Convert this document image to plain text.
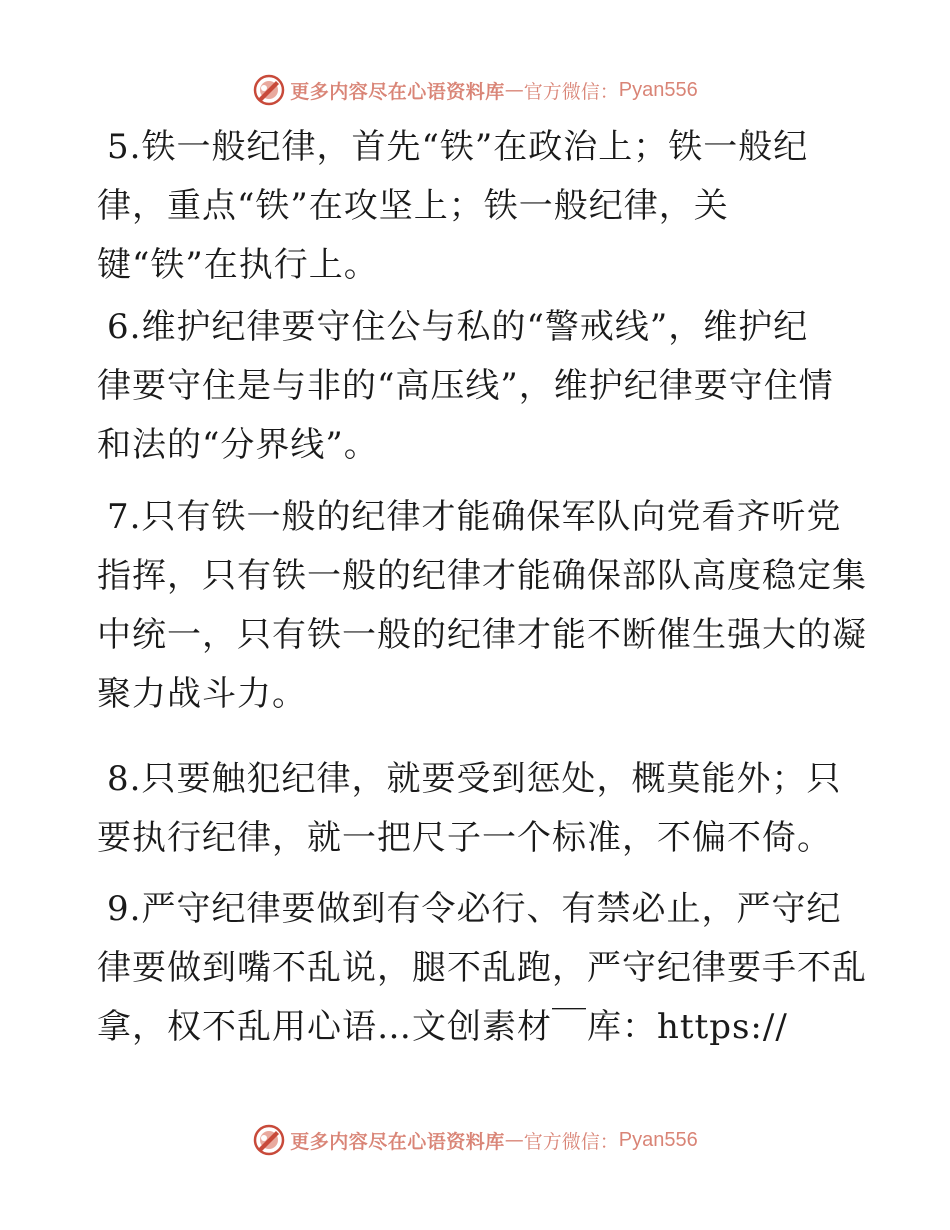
更多内容尽在心语资料库 — 官方微信： Pyan556

5.铁一般纪律，首先“铁”在政治上；铁一般纪
律，重点“铁”在攻坚上；铁一般纪律，关
键“铁”在执行上。

6.维护纪律要守住公与私的“警戒线”，维护纪
律要守住是与非的“高压线”，维护纪律要守住情
和法的“分界线”。

7.只有铁一般的纪律才能确保军队向党看齐听党
指挥，只有铁一般的纪律才能确保部队高度稳定集
中统一，只有铁一般的纪律才能不断催生强大的凝
聚力战斗力。

8.只要触犯纪律，就要受到惩处，概莫能外；只
要执行纪律，就一把尺子一个标准，不偏不倚。

9.严守纪律要做到有令必行、有禁必止，严守纪
律要做到嘴不乱说，腿不乱跑，严守纪律要手不乱
拿，权不乱用心语…文创素材￣库：https://

更多内容尽在心语资料库 — 官方微信： Pyan556
